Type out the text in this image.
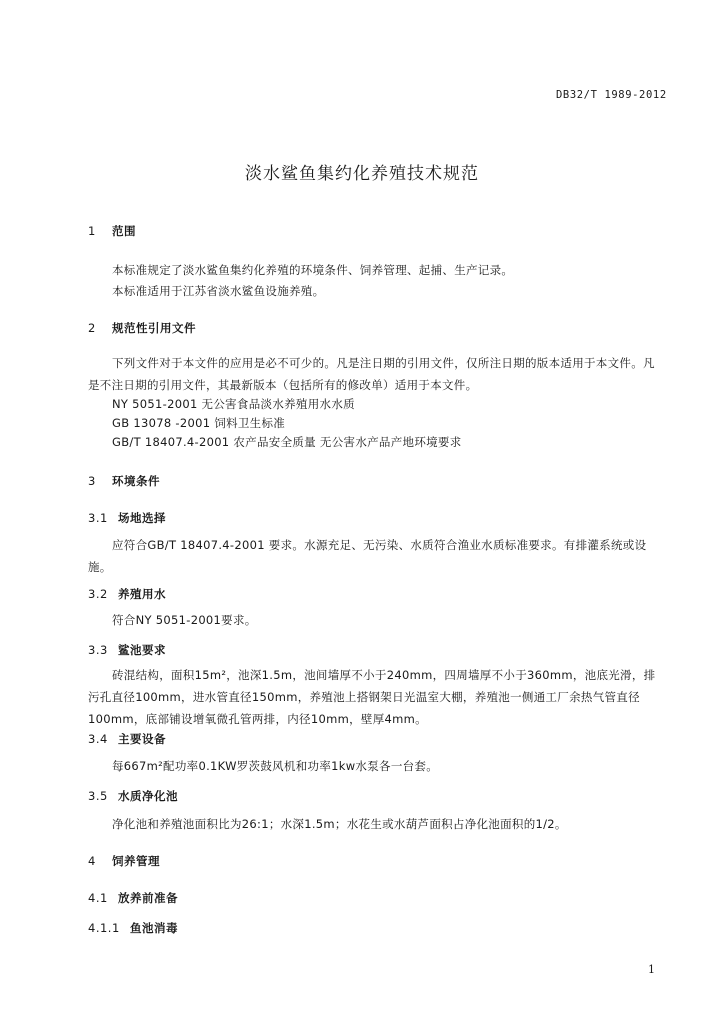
DB32/T 1989-2012
淡水鲨鱼集约化养殖技术规范
1 范围
本标准规定了淡水鲨鱼集约化养殖的环境条件、饲养管理、起捕、生产记录。
本标准适用于江苏省淡水鲨鱼设施养殖。
2 规范性引用文件
下列文件对于本文件的应用是必不可少的。凡是注日期的引用文件，仅所注日期的版本适用于本文件。凡是不注日期的引用文件，其最新版本（包括所有的修改单）适用于本文件。
NY 5051-2001 无公害食品淡水养殖用水水质
GB 13078 -2001 饲料卫生标准
GB/T 18407.4-2001 农产品安全质量 无公害水产品产地环境要求
3 环境条件
3.1 场地选择
应符合GB/T 18407.4-2001 要求。水源充足、无污染、水质符合渔业水质标准要求。有排灌系统或设施。
3.2 养殖用水
符合NY 5051-2001要求。
3.3 鲨池要求
砖混结构，面积15m²，池深1.5m，池间墙厚不小于240mm，四周墙厚不小于360mm，池底光滑，排污孔直径100mm，进水管直径150mm，养殖池上搭钢架日光温室大棚，养殖池一侧通工厂余热气管直径100mm，底部铺设增氧微孔管两排，内径10mm，壁厚4mm。
3.4 主要设备
每667m²配功率0.1KW罗茨鼓风机和功率1kw水泵各一台套。
3.5 水质净化池
净化池和养殖池面积比为26:1；水深1.5m；水花生或水葫芦面积占净化池面积的1/2。
4 饲养管理
4.1 放养前准备
4.1.1 鱼池消毒
1
